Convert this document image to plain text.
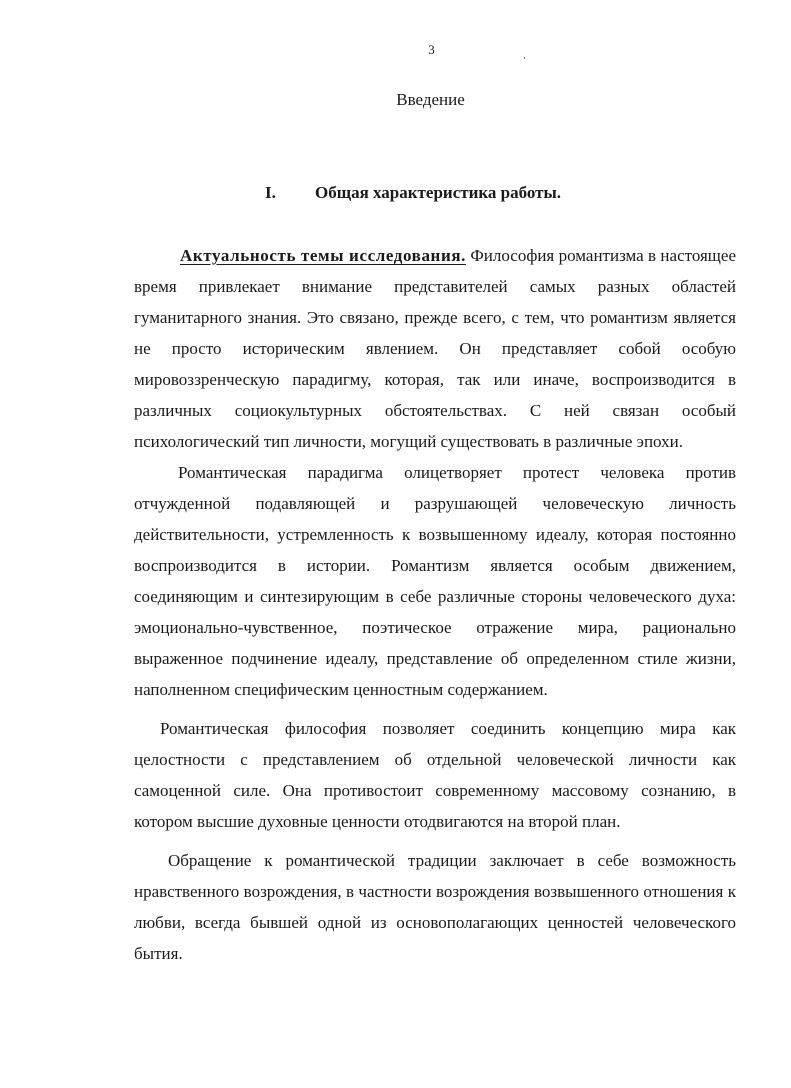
3
Введение
I. Общая характеристика работы.

Актуальность темы исследования. Философия романтизма в настоящее время привлекает внимание представителей самых разных областей гуманитарного знания. Это связано, прежде всего, с тем, что романтизм является не просто историческим явлением. Он представляет собой особую мировоззренческую парадигму, которая, так или иначе, воспроизводится в различных социокультурных обстоятельствах. С ней связан особый психологический тип личности, могущий существовать в различные эпохи.

Романтическая парадигма олицетворяет протест человека против отчужденной подавляющей и разрушающей человеческую личность действительности, устремленность к возвышенному идеалу, которая постоянно воспроизводится в истории. Романтизм является особым движением, соединяющим и синтезирующим в себе различные стороны человеческого духа: эмоционально-чувственное, поэтическое отражение мира, рационально выраженное подчинение идеалу, представление об определенном стиле жизни, наполненном специфическим ценностным содержанием.

Романтическая философия позволяет соединить концепцию мира как целостности с представлением об отдельной человеческой личности как самоценной силе. Она противостоит современному массовому сознанию, в котором высшие духовные ценности отодвигаются на второй план.

Обращение к романтической традиции заключает в себе возможность нравственного возрождения, в частности возрождения возвышенного отношения к любви, всегда бывшей одной из основополагающих ценностей человеческого бытия.
